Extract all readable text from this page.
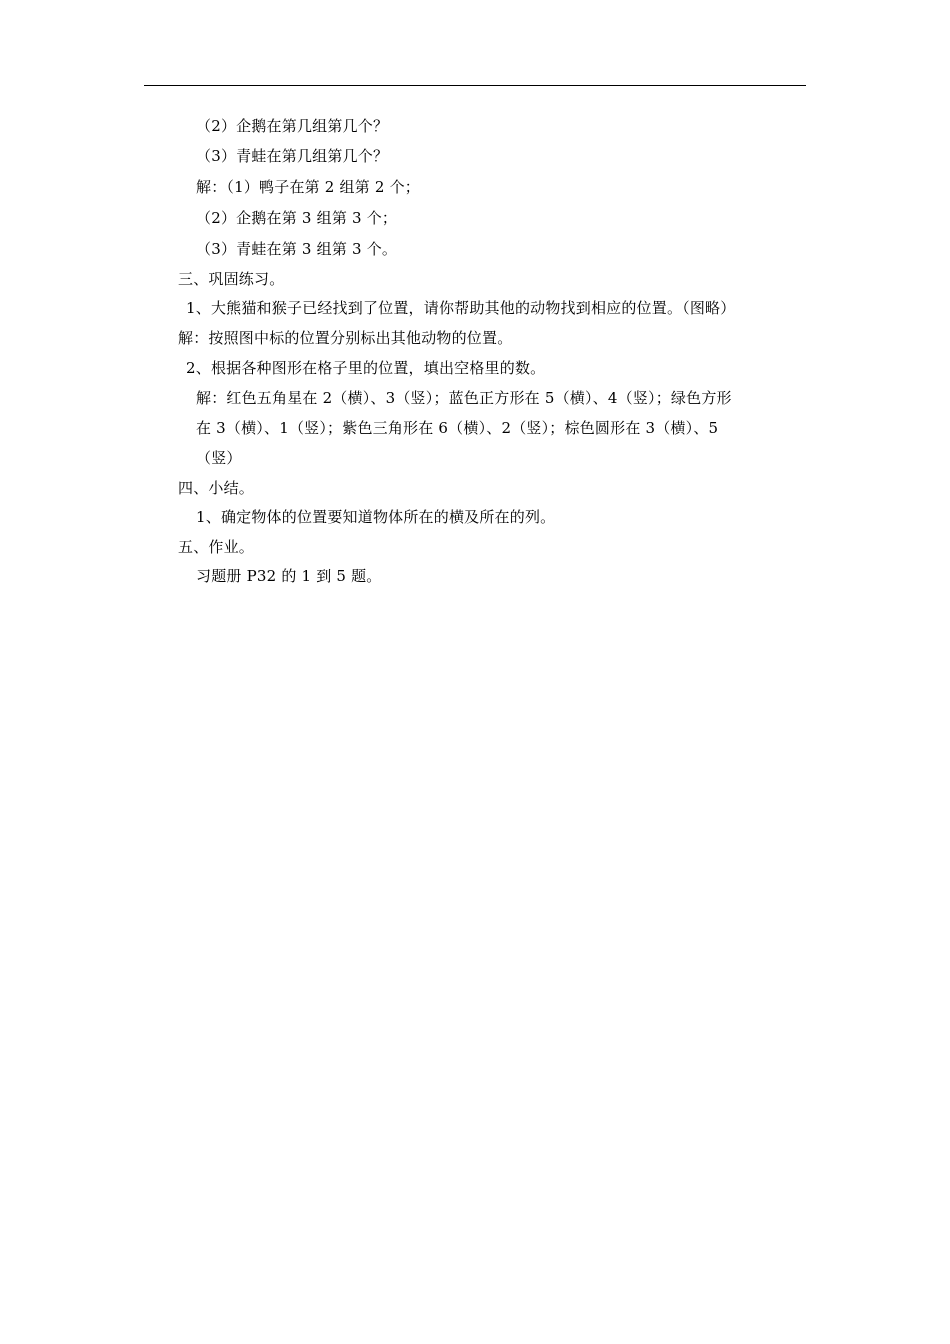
（2）企鹅在第几组第几个？
（3）青蛙在第几组第几个？
解：（1）鸭子在第 2 组第 2 个；
（2）企鹅在第 3 组第 3 个；
（3）青蛙在第 3 组第 3 个。
三、巩固练习。
1、大熊猫和猴子已经找到了位置，请你帮助其他的动物找到相应的位置。（图略）
解：按照图中标的位置分别标出其他动物的位置。
2、根据各种图形在格子里的位置，填出空格里的数。
解：红色五角星在 2（横）、3（竖）；蓝色正方形在 5（横）、4（竖）；绿色方形
在 3（横）、1（竖）；紫色三角形在 6（横）、2（竖）；棕色圆形在 3（横）、5
（竖）
四、小结。
1、确定物体的位置要知道物体所在的横及所在的列。
五、作业。
习题册 P32 的 1 到 5 题。
